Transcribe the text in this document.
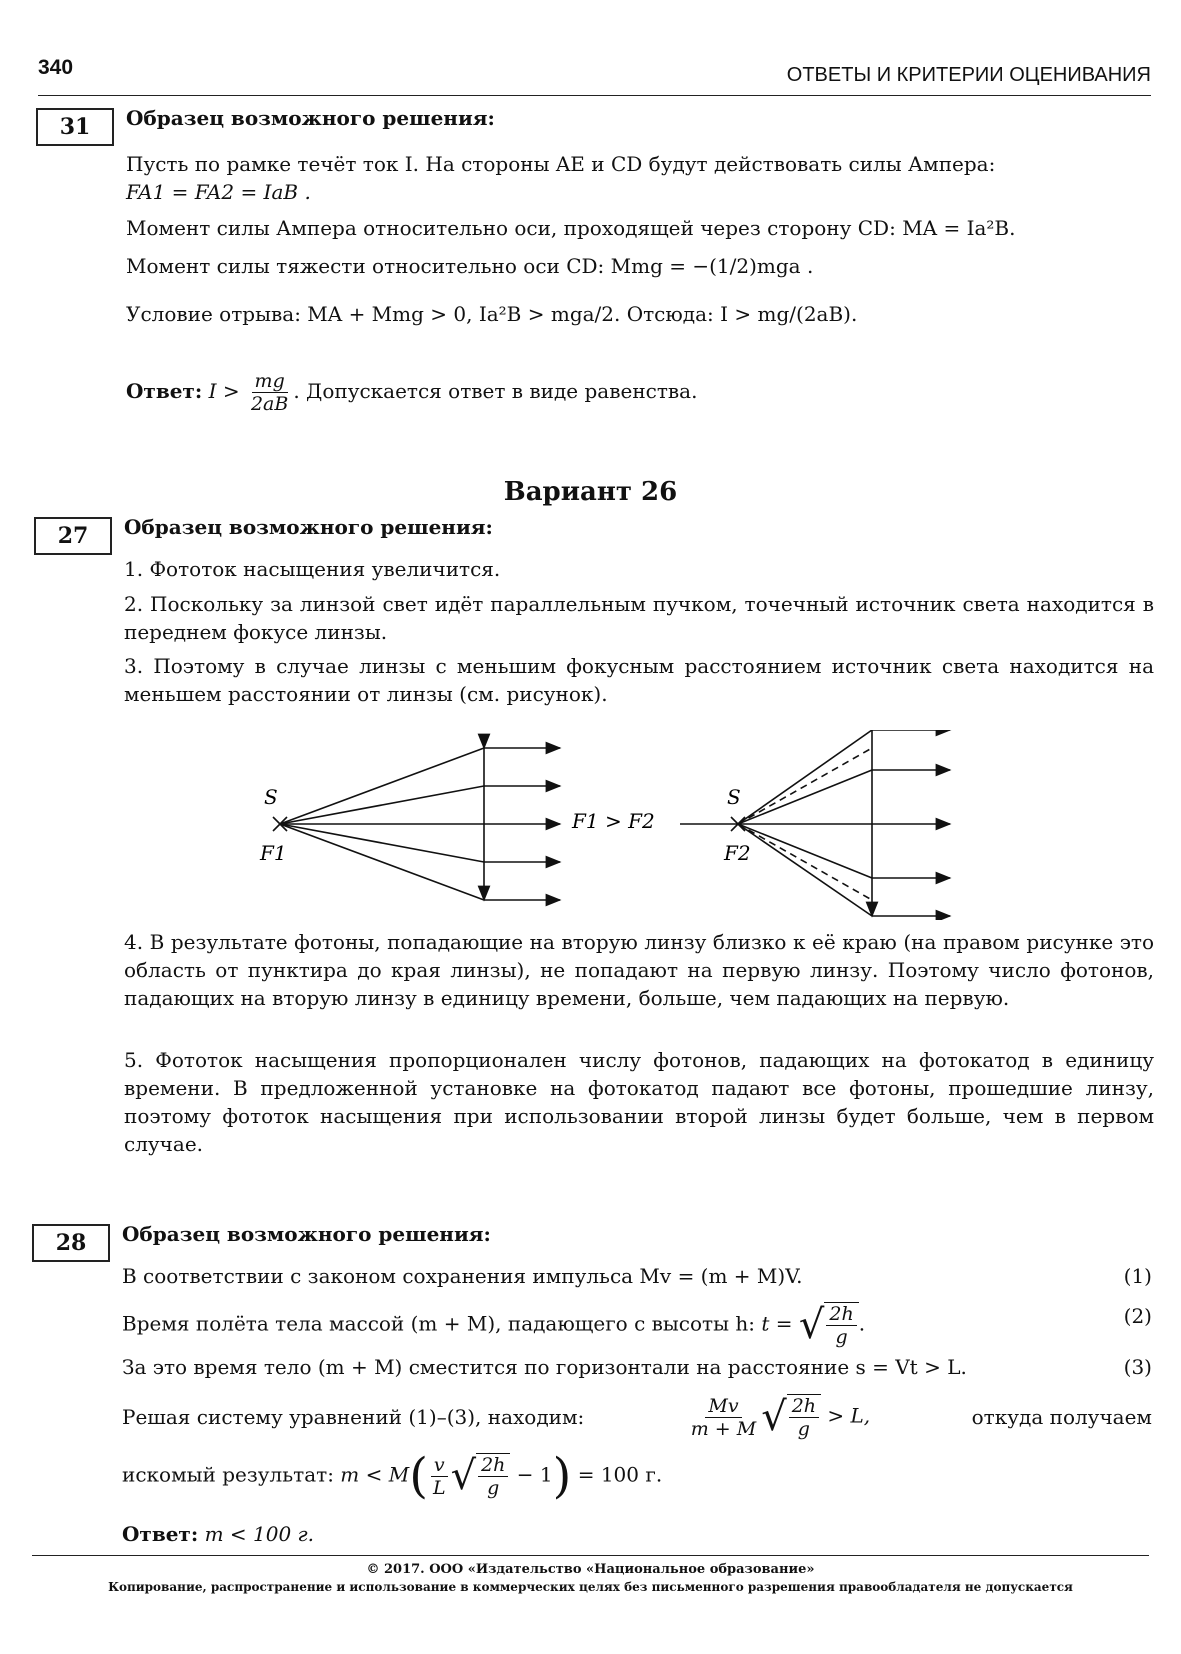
340	ОТВЕТЫ И КРИТЕРИИ ОЦЕНИВАНИЯ
31	Образец возможного решения:
Пусть по рамке течёт ток I. На стороны AE и CD будут действовать силы Ампера:
FA1 = FA2 = IaB .
Момент силы Ампера относительно оси, проходящей через сторону CD: MA = Ia²B.
Момент силы тяжести относительно оси CD: Mmg = −(1/2)mga .
Условие отрыва: MA + Mmg > 0, Ia²B > mga/2. Отсюда: I > mg/(2aB).
Ответ: $I > \frac{mg}{2aB}$ . Допускается ответ в виде равенства.
Вариант 26
27	Образец возможного решения:
1. Фототок насыщения увеличится.
2. Поскольку за линзой свет идёт параллельным пучком, точечный источник света находится в переднем фокусе линзы.
3. Поэтому в случае линзы с меньшим фокусным расстоянием источник света находится на меньшем расстоянии от линзы (см. рисунок).
S
F1
F1 > F2
S
F2
4. В результате фотоны, попадающие на вторую линзу близко к её краю (на правом рисунке это область от пунктира до края линзы), не попадают на первую линзу. Поэтому число фотонов, падающих на вторую линзу в единицу времени, больше, чем падающих на первую.
5. Фототок насыщения пропорционален числу фотонов, падающих на фотокатод в единицу времени. В предложенной установке на фотокатод падают все фотоны, прошедшие линзу, поэтому фототок насыщения при использовании второй линзы будет больше, чем в первом случае.
28	Образец возможного решения:
В соответствии с законом сохранения импульса Mv = (m + M)V.	(1)
Время полёта тела массой (m + M), падающего с высоты h: t = √ $\frac{2h}{g}$ .	(2)
За это время тело (m + M) сместится по горизонтали на расстояние s = Vt > L.	(3)
Решая систему уравнений (1)–(3), находим:	$\frac{Mv}{m + M}$ √ $\frac{2h}{g} > L$,	откуда получаем
искомый результат: $m < M( \frac{v}{L}$ √ $\frac{2h}{g} - 1) = 100$ г.
Ответ: m < 100 г.
© 2017. ООО «Издательство «Национальное образование»
Копирование, распространение и использование в коммерческих целях без письменного разрешения правообладателя не допускается
